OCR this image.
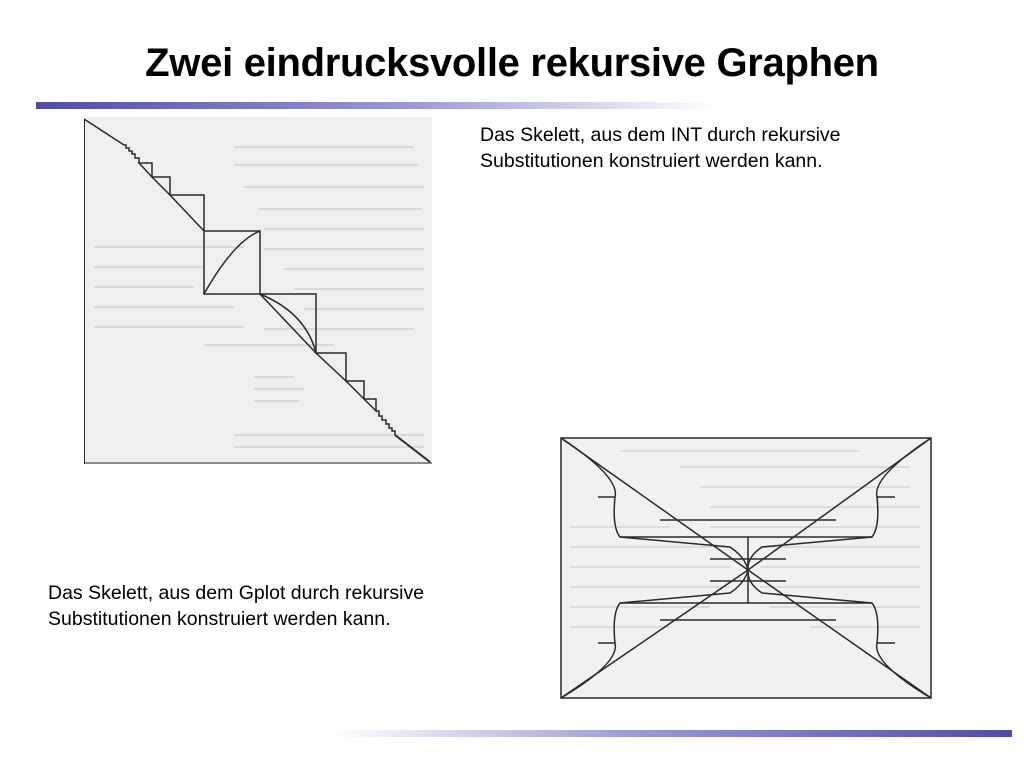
Zwei eindrucksvolle rekursive Graphen
Das Skelett, aus dem INT durch rekursive
Substitutionen konstruiert werden kann.
Das Skelett, aus dem Gplot durch rekursive
Substitutionen konstruiert werden kann.
